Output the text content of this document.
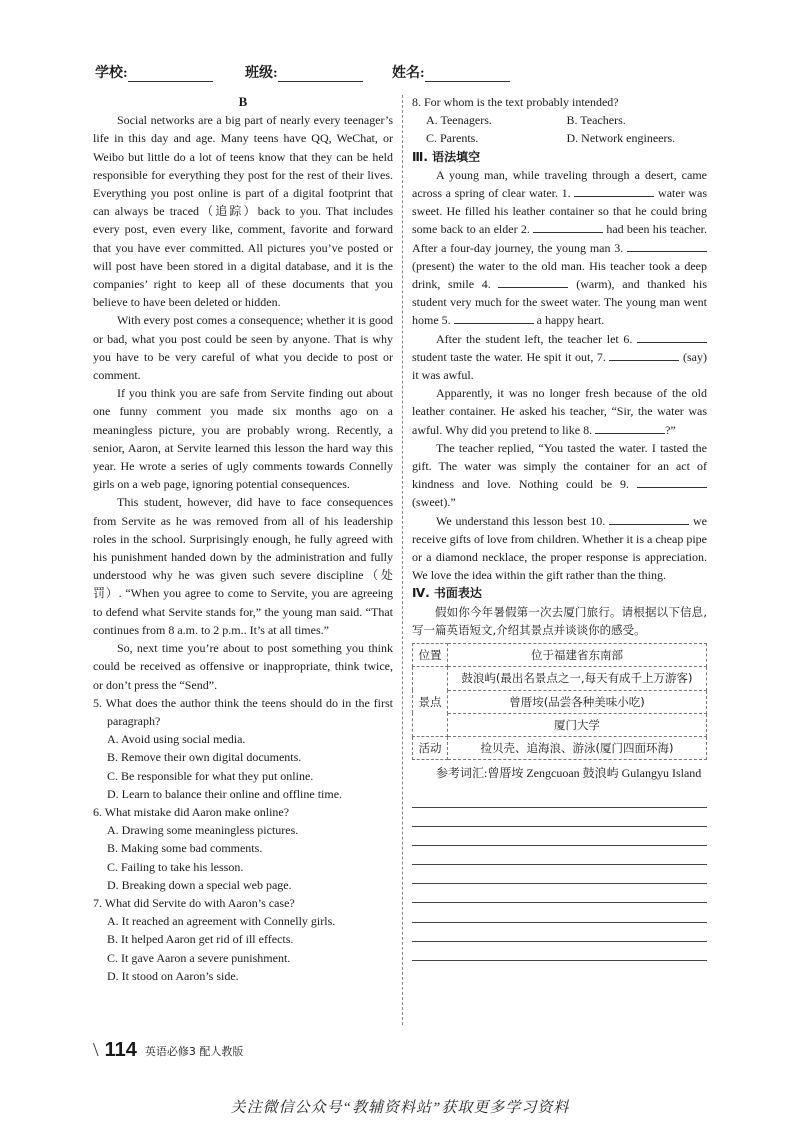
学校:	班级:	姓名:
B

Social networks are a big part of nearly every teenager’s life in this day and age. Many teens have QQ, WeChat, or Weibo but little do a lot of teens know that they can be held responsible for everything they post for the rest of their lives. Everything you post online is part of a digital footprint that can always be traced（追踪）back to you. That includes every post, even every like, comment, favorite and forward that you have ever committed. All pictures you’ve posted or will post have been stored in a digital database, and it is the companies’ right to keep all of these documents that you believe to have been deleted or hidden.

With every post comes a consequence; whether it is good or bad, what you post could be seen by anyone. That is why you have to be very careful of what you decide to post or comment.

If you think you are safe from Servite finding out about one funny comment you made six months ago on a meaningless picture, you are probably wrong. Recently, a senior, Aaron, at Servite learned this lesson the hard way this year. He wrote a series of ugly comments towards Connelly girls on a web page, ignoring potential consequences.

This student, however, did have to face consequences from Servite as he was removed from all of his leadership roles in the school. Surprisingly enough, he fully agreed with his punishment handed down by the administration and fully understood why he was given such severe discipline（处罚）. “When you agree to come to Servite, you are agreeing to defend what Servite stands for,” the young man said. “That continues from 8 a.m. to 2 p.m.. It’s at all times.”

So, next time you’re about to post something you think could be received as offensive or inappropriate, think twice, or don’t press the “Send”.

5. What does the author think the teens should do in the first paragraph?

A. Avoid using social media.
B. Remove their own digital documents.
C. Be responsible for what they put online.
D. Learn to balance their online and offline time.

6. What mistake did Aaron make online?

A. Drawing some meaningless pictures.
B. Making some bad comments.
C. Failing to take his lesson.
D. Breaking down a special web page.

7. What did Servite do with Aaron’s case?

A. It reached an agreement with Connelly girls.
B. It helped Aaron get rid of ill effects.
C. It gave Aaron a severe punishment.
D. It stood on Aaron’s side.

8. For whom is the text probably intended?

A. Teenagers.	B. Teachers.
C. Parents.	D. Network engineers.
Ⅲ. 语法填空

A young man, while traveling through a desert, came across a spring of clear water. 1.	water was sweet. He filled his leather container so that he could bring some back to an elder 2.	had been his teacher. After a four-day journey, the young man 3.  (present) the water to the old man. His teacher took a deep drink, smile 4.	(warm), and thanked his student very much for the sweet water. The young man went home 5.	a happy heart.

After the student left, the teacher let 6.  student taste the water. He spit it out, 7.	(say) it was awful.

Apparently, it was no longer fresh because of the old leather container. He asked his teacher, “Sir, the water was awful. Why did you pretend to like 8.	?”

The teacher replied, “You tasted the water. I tasted the gift. The water was simply the container for an act of kindness and love. Nothing could be 9.  (sweet).”

We understand this lesson best 10.	we receive gifts of love from children. Whether it is a cheap pipe or a diamond necklace, the proper response is appreciation. We love the idea within the gift rather than the thing.

Ⅳ. 书面表达

假如你今年暑假第一次去厦门旅行。请根据以下信息,写一篇英语短文,介绍其景点并谈谈你的感受。

位置	位于福建省东南部
景点	鼓浪屿(最出名景点之一,每天有成千上万游客)
	曾厝垵(品尝各种美味小吃)
	厦门大学
活动	捡贝壳、追海浪、游泳(厦门四面环海)

参考词汇:曾厝垵 Zengcuoan 鼓浪屿 Gulangyu Island

\ 114 英语必修3 配人教版
关注微信公众号“教辅资料站”获取更多学习资料
